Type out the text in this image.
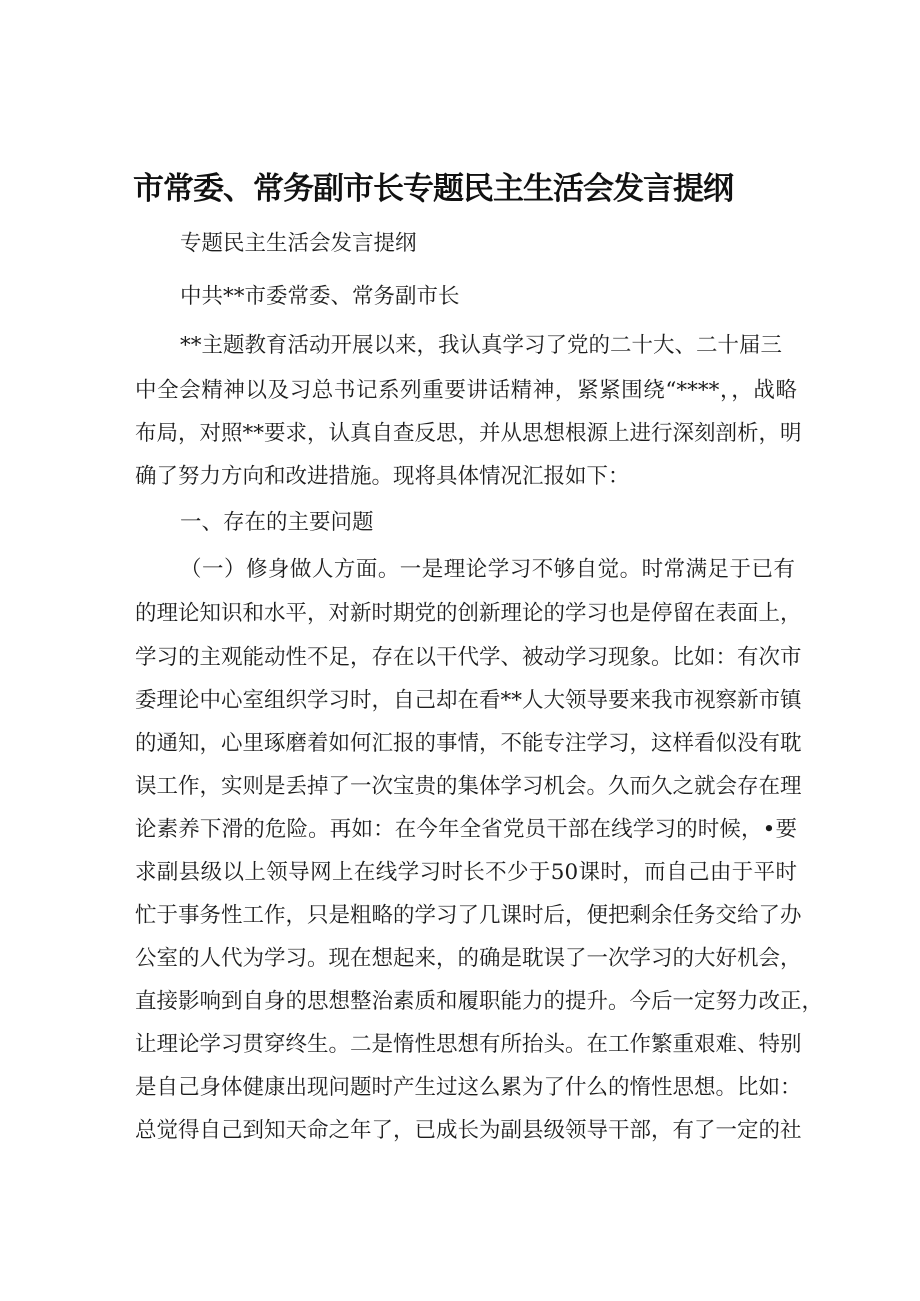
市常委、常务副市长专题民主生活会发言提纲
专题民主生活会发言提纲
中共**市委常委、常务副市长
**主题教育活动开展以来，我认真学习了党的二十大、二十届三
中全会精神以及习总书记系列重要讲话精神，紧紧围绕“****，，战略
布局，对照**要求，认真自查反思，并从思想根源上进行深刻剖析，明
确了努力方向和改进措施。现将具体情况汇报如下：
一、存在的主要问题
（一）修身做人方面。一是理论学习不够自觉。时常满足于已有
的理论知识和水平，对新时期党的创新理论的学习也是停留在表面上，
学习的主观能动性不足，存在以干代学、被动学习现象。比如：有次市
委理论中心室组织学习时，自己却在看**人大领导要来我市视察新市镇
的通知，心里琢磨着如何汇报的事情，不能专注学习，这样看似没有耽
误工作，实则是丢掉了一次宝贵的集体学习机会。久而久之就会存在理
论素养下滑的危险。再如：在今年全省党员干部在线学习的时候，•要
求副县级以上领导网上在线学习时长不少于50课时，而自己由于平时
忙于事务性工作，只是粗略的学习了几课时后，便把剩余任务交给了办
公室的人代为学习。现在想起来，的确是耽误了一次学习的大好机会，
直接影响到自身的思想整治素质和履职能力的提升。今后一定努力改正，
让理论学习贯穿终生。二是惰性思想有所抬头。在工作繁重艰难、特别
是自己身体健康出现问题时产生过这么累为了什么的惰性思想。比如：
总觉得自己到知天命之年了，已成长为副县级领导干部，有了一定的社
